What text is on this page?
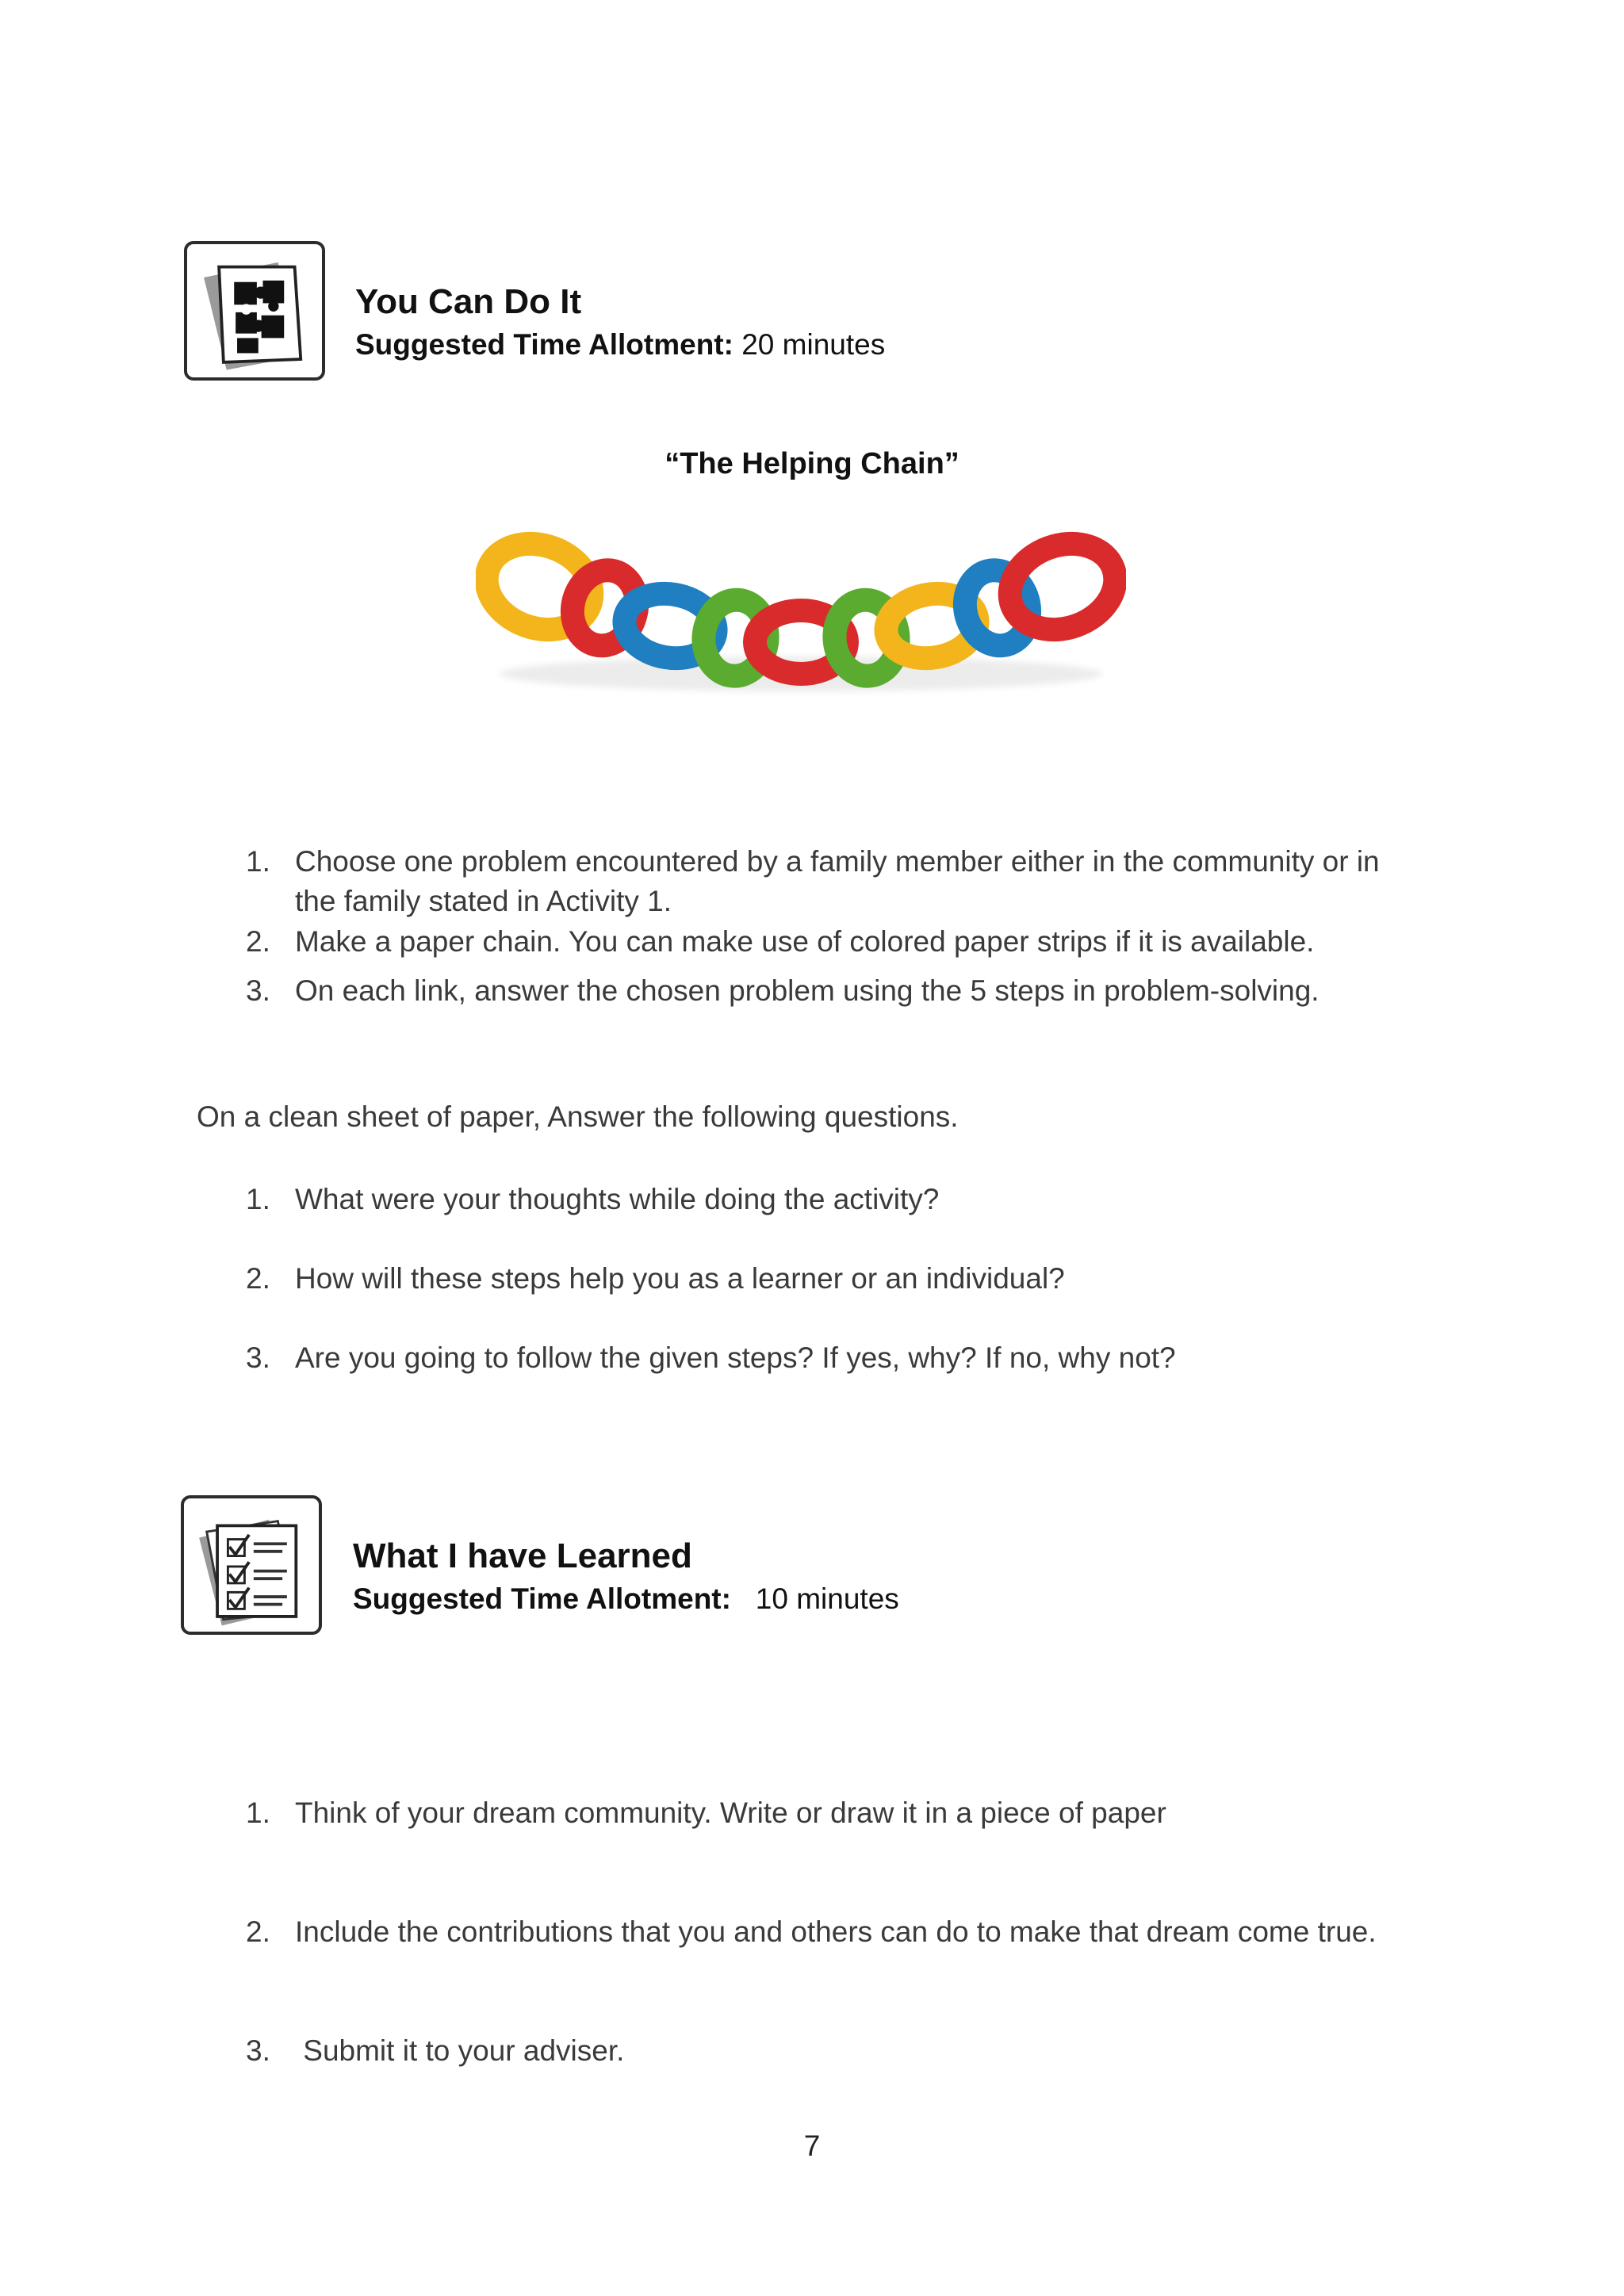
You Can Do It
Suggested Time Allotment: 20 minutes
“The Helping Chain”
1. Choose one problem encountered by a family member either in the community or in the family stated in Activity 1.
2. Make a paper chain. You can make use of colored paper strips if it is available.
3. On each link, answer the chosen problem using the 5 steps in problem-solving.
On a clean sheet of paper, Answer the following questions.
1. What were your thoughts while doing the activity?
2. How will these steps help you as a learner or an individual?
3. Are you going to follow the given steps? If yes, why? If no, why not?
What I have Learned
Suggested Time Allotment:   10 minutes

1. Think of your dream community. Write or draw it in a piece of paper

2. Include the contributions that you and others can do to make that dream come true.

3. Submit it to your adviser.

7
